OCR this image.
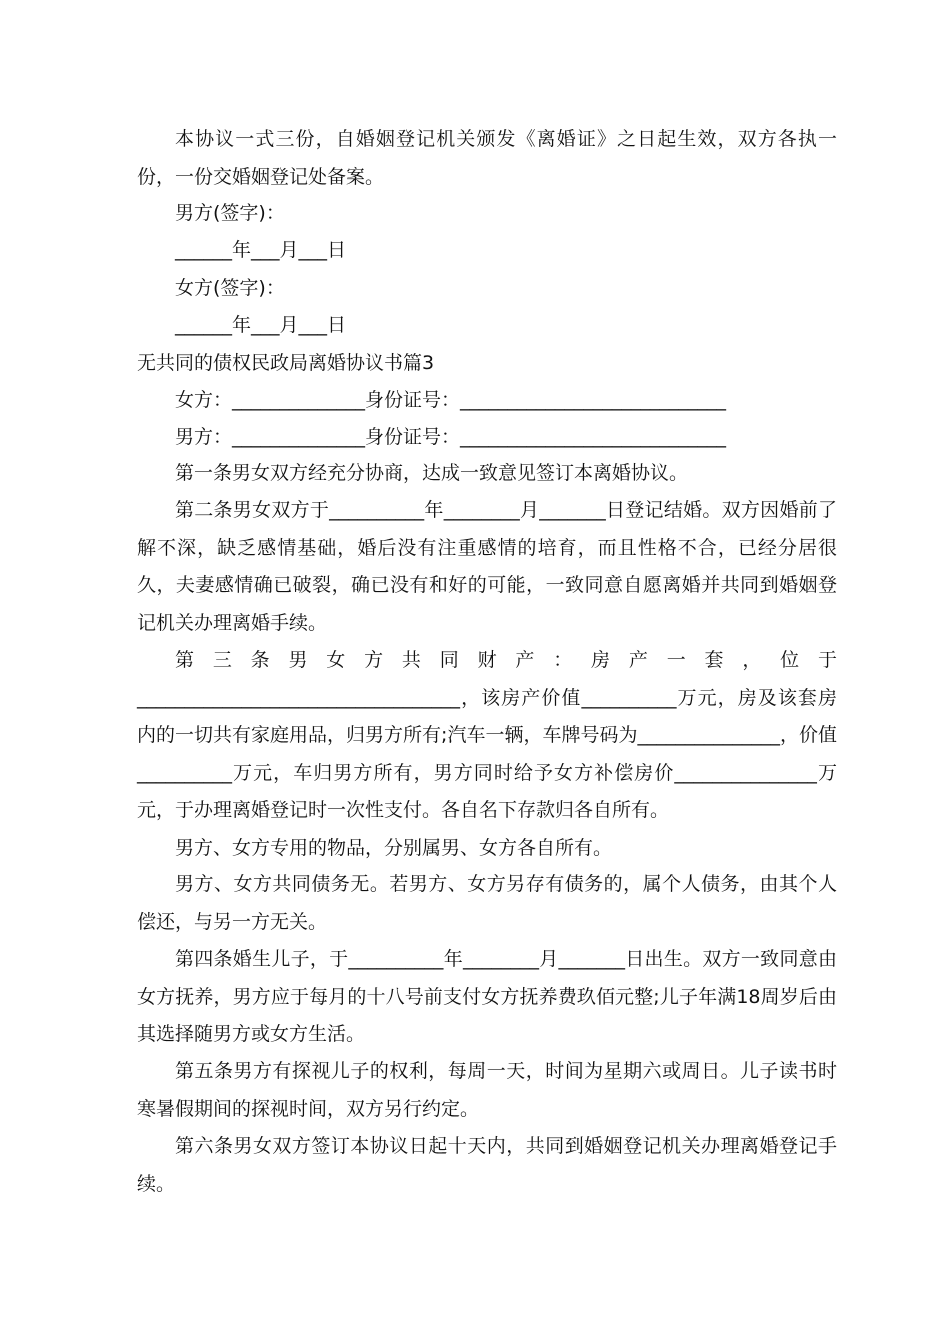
本协议一式三份，自婚姻登记机关颁发《离婚证》之日起生效，双方各执一份，一份交婚姻登记处备案。

男方(签字)：

______年___月___日

女方(签字)：

______年___月___日

无共同的债权民政局离婚协议书篇3

女方：______________身份证号：____________________________

男方：______________身份证号：____________________________

第一条男女双方经充分协商，达成一致意见签订本离婚协议。

第二条男女双方于__________年________月_______日登记结婚。双方因婚前了解不深，缺乏感情基础，婚后没有注重感情的培育，而且性格不合，已经分居很久，夫妻感情确已破裂，确已没有和好的可能，一致同意自愿离婚并共同到婚姻登记机关办理离婚手续。

第三条男女方共同财产：房产一套，位于__________________________________，该房产价值__________万元，房及该套房内的一切共有家庭用品，归男方所有;汽车一辆，车牌号码为_______________，价值__________万元，车归男方所有，男方同时给予女方补偿房价_______________万元，于办理离婚登记时一次性支付。各自名下存款归各自所有。

男方、女方专用的物品，分别属男、女方各自所有。

男方、女方共同债务无。若男方、女方另存有债务的，属个人债务，由其个人偿还，与另一方无关。

第四条婚生儿子，于__________年________月_______日出生。双方一致同意由女方抚养，男方应于每月的十八号前支付女方抚养费玖佰元整;儿子年满18周岁后由其选择随男方或女方生活。

第五条男方有探视儿子的权利，每周一天，时间为星期六或周日。儿子读书时寒暑假期间的探视时间，双方另行约定。

第六条男女双方签订本协议日起十天内，共同到婚姻登记机关办理离婚登记手续。
